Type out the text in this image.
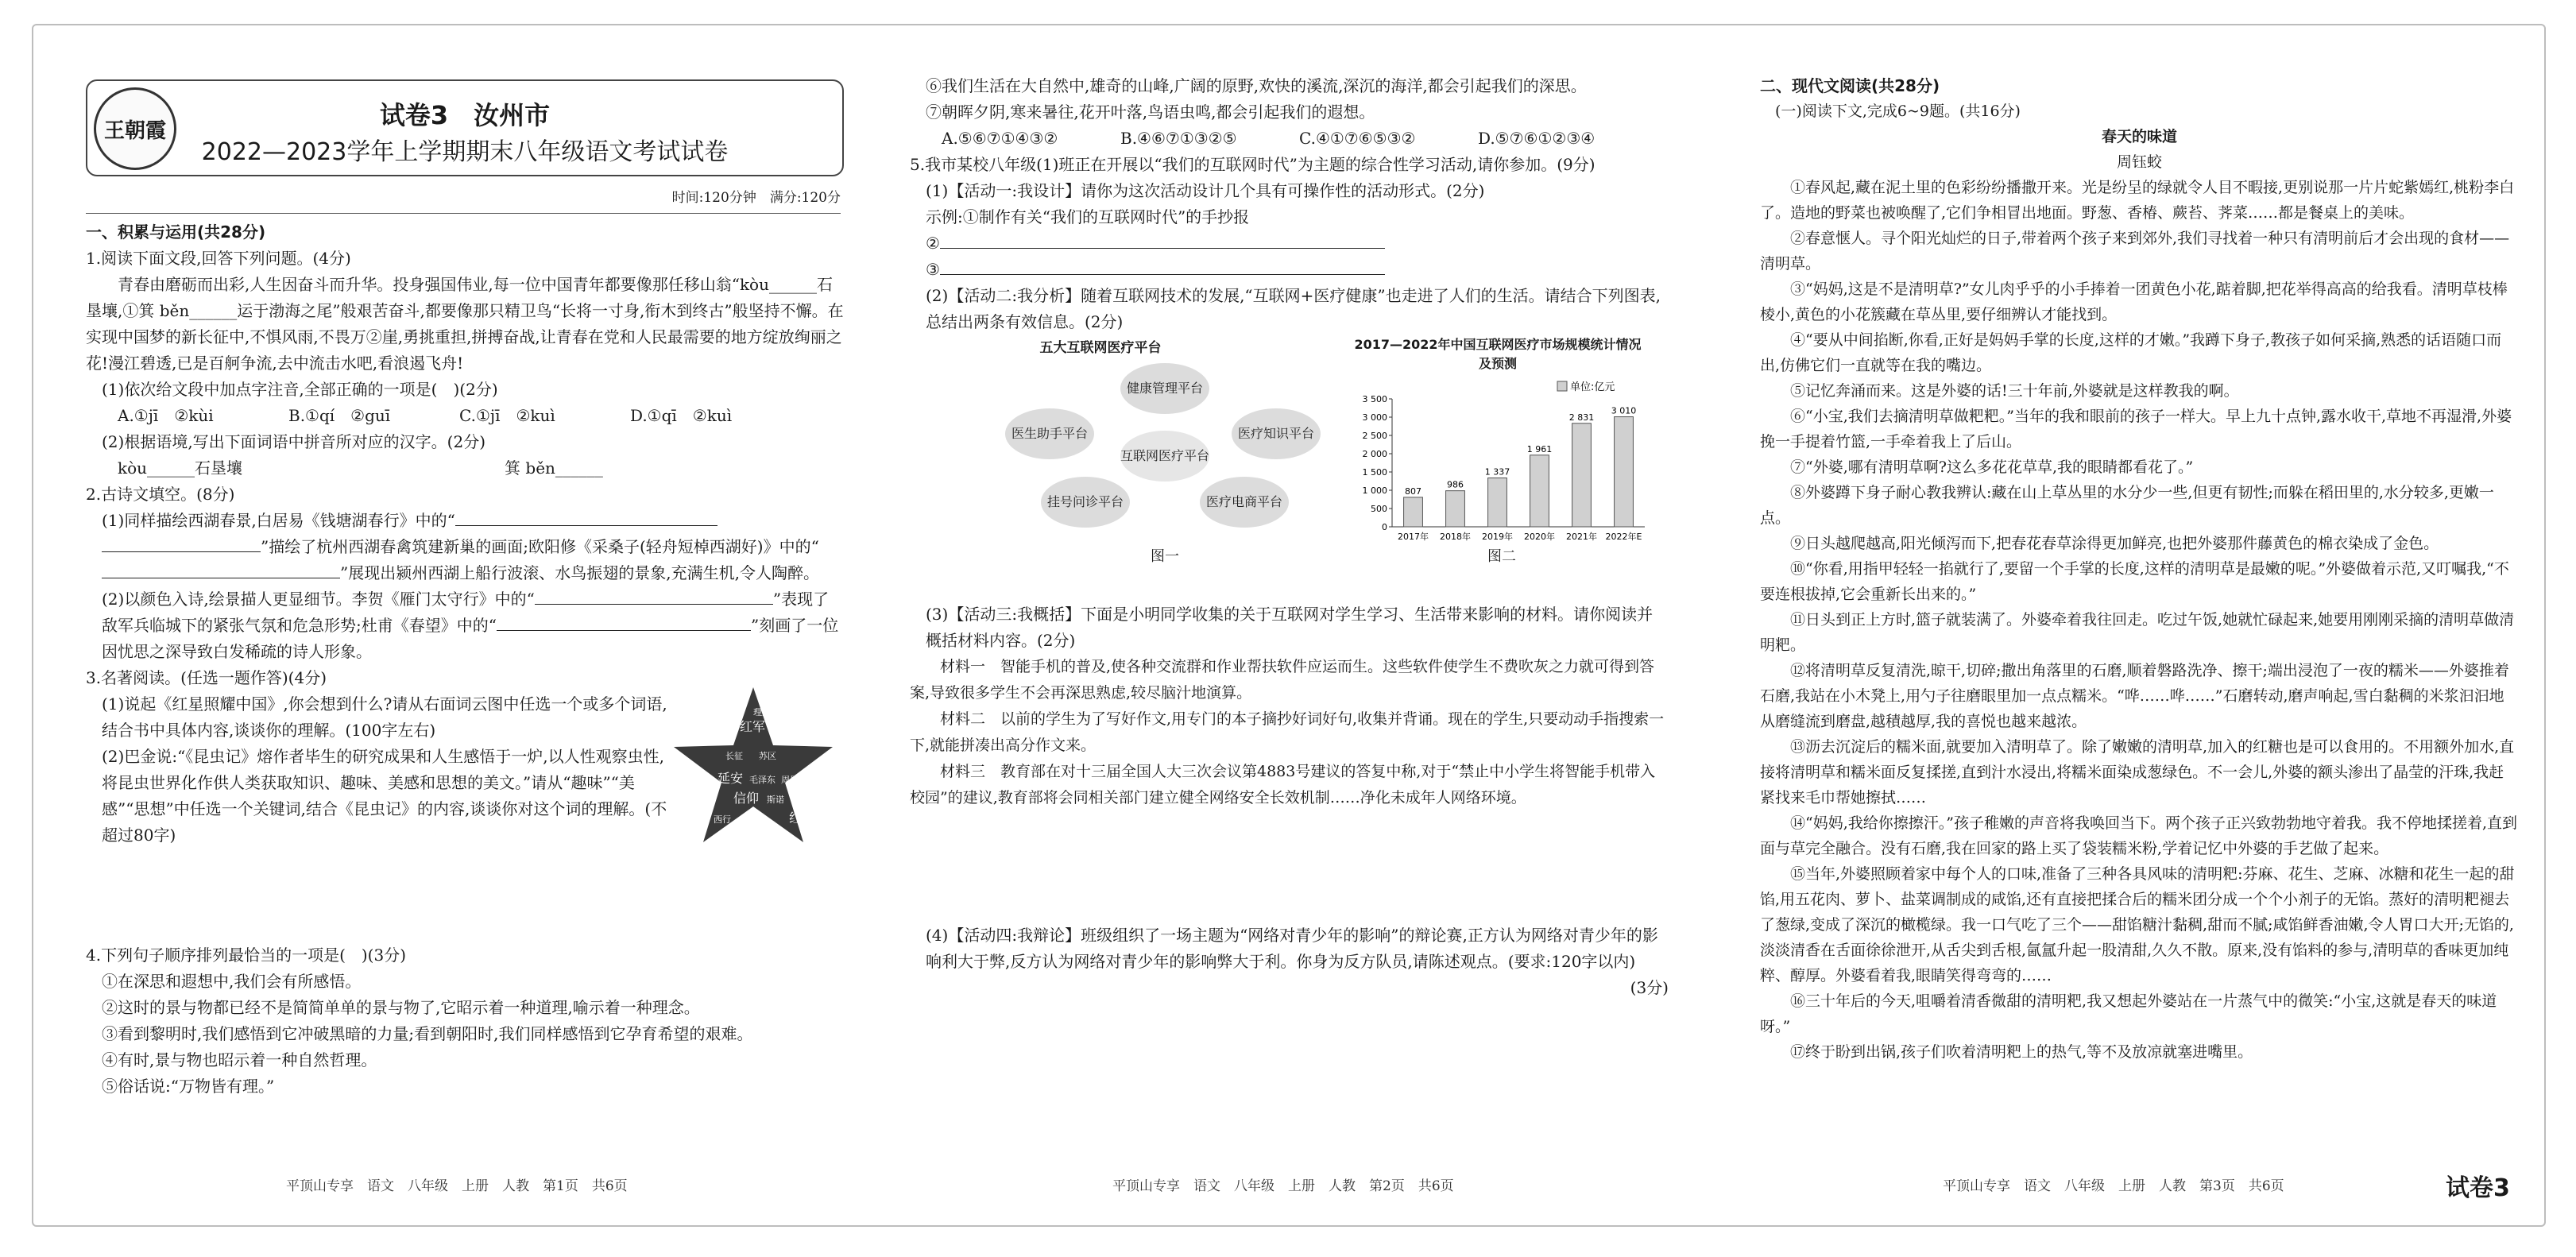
王朝霞
试卷3　 汝州市
2022—2023学年上学期期末八年级语文考试试卷
时间:120分钟　满分:120分

一、积累与运用(共28分)

1.阅读下面文段,回答下列问题。(4分)

青春由磨砺而出彩,人生因奋斗而升华。投身强国伟业,每一位中国青年都要像那任移山翁“kòu______石垦壤,①箕 běn______运于渤海之尾”般艰苦奋斗,都要像那只精卫鸟“长将一寸身,衔木到终古”般坚持不懈。在实现中国梦的新长征中,不惧风雨,不畏万②崖,勇挑重担,拼搏奋战,让青春在党和人民最需要的地方绽放绚丽之花!漫江碧透,已是百舸争流,去中流击水吧,看浪遏飞舟!

(1)依次给文段中加点字注音,全部正确的一项是(　)(2分)

A.①jī　②kùi	B.①qí　②guī	C.①jī　②kuì	D.①qī　②kuì

(2)根据语境,写出下面词语中拼音所对应的汉字。(2分)

kòu______石垦壤	箕 běn______

2.古诗文填空。(8分)

(1)同样描绘西湖春景,白居易《钱塘湖春行》中的“”描绘了杭州西湖春禽筑建新巢的画面;欧阳修《采桑子(轻舟短棹西湖好)》中的“”展现出颍州西湖上船行波滚、水鸟振翅的景象,充满生机,令人陶醉。

(2)以颜色入诗,绘景描人更显细节。李贺《雁门太守行》中的“	”表现了敌军兵临城下的紧张气氛和危急形势;杜甫《春望》中的“	”刻画了一位因忧思之深导致白发稀疏的诗人形象。

3.名著阅读。(任选一题作答)(4分)

(1)说起《红星照耀中国》,你会想到什么?请从右面词云图中任选一个或多个词语,结合书中具体内容,谈谈你的理解。(100字左右)

(2)巴金说:“《昆虫记》熔作者毕生的研究成果和人生感悟于一炉,以人性观察虫性,将昆虫世界化作供人类获取知识、趣味、美感和思想的美文。”请从“趣味”“美感”“思想”中任选一个关键词,结合《昆虫记》的内容,谈谈你对这个词的理解。(不超过80字)

红军
长征 苏区
延安 毛泽东 周恩来
信仰 斯诺
西行	红星
革命
理想

4.下列句子顺序排列最恰当的一项是(　)(3分)

①在深思和遐想中,我们会有所感悟。

②这时的景与物都已经不是简简单单的景与物了,它昭示着一种道理,喻示着一种理念。

③看到黎明时,我们感悟到它冲破黑暗的力量;看到朝阳时,我们同样感悟到它孕育希望的艰难。

④有时,景与物也昭示着一种自然哲理。

⑤俗话说:“万物皆有理。”

平顶山专享　语文　八年级　上册　人教　第1页　共6页

⑥我们生活在大自然中,雄奇的山峰,广阔的原野,欢快的溪流,深沉的海洋,都会引起我们的深思。

⑦朝晖夕阴,寒来暑往,花开叶落,鸟语虫鸣,都会引起我们的遐想。

A.⑤⑥⑦①④③②	B.④⑥⑦①③②⑤	C.④①⑦⑥⑤③②	D.⑤⑦⑥①②③④

5.我市某校八年级(1)班正在开展以“我们的互联网时代”为主题的综合性学习活动,请你参加。(9分)

(1)【活动一:我设计】请你为这次活动设计几个具有可操作性的活动形式。(2分)

示例:①制作有关“我们的互联网时代”的手抄报

②

③

(2)【活动二:我分析】随着互联网技术的发展,“互联网+医疗健康”也走进了人们的生活。请结合下列图表,总结出两条有效信息。(2分)

五大互联网医疗平台
健康管理平台
医生助手平台
互联网医疗平台
医疗知识平台
挂号问诊平台	医疗电商平台
图一
2017—2022年中国互联网医疗市场规模统计情况及预测
单位:亿元
0
500
1 000
1 500
2 000
2 500
3 000
3 500
807
2017年
986
2018年
1 337
2019年
1 961
2020年
2 831
2021年
3 010
2022年E
图二

(3)【活动三:我概括】下面是小明同学收集的关于互联网对学生学习、生活带来影响的材料。请你阅读并概括材料内容。(2分)

材料一　智能手机的普及,使各种交流群和作业帮扶软件应运而生。这些软件使学生不费吹灰之力就可得到答案,导致很多学生不会再深思熟虑,较尽脑汁地演算。

材料二　以前的学生为了写好作文,用专门的本子摘抄好词好句,收集并背诵。现在的学生,只要动动手指搜索一下,就能拼凑出高分作文来。

材料三　教育部在对十三届全国人大三次会议第4883号建议的答复中称,对于“禁止中小学生将智能手机带入校园”的建议,教育部将会同相关部门建立健全网络安全长效机制……净化未成年人网络环境。

(4)【活动四:我辩论】班级组织了一场主题为“网络对青少年的影响”的辩论赛,正方认为网络对青少年的影响利大于弊,反方认为网络对青少年的影响弊大于利。你身为反方队员,请陈述观点。(要求:120字以内)

(3分)

平顶山专享　语文　八年级　上册　人教　第2页　共6页

二、现代文阅读(共28分)

(一)阅读下文,完成6~9题。(共16分)

春天的味道

周钰蛟

①春风起,藏在泥土里的色彩纷纷播撒开来。光是纷呈的绿就令人目不暇接,更别说那一片片蛇紫嫣红,桃粉李白了。造地的野菜也被唤醒了,它们争相冒出地面。野葱、香椿、蕨苔、荠菜……都是餐桌上的美味。

②春意惬人。寻个阳光灿烂的日子,带着两个孩子来到郊外,我们寻找着一种只有清明前后才会出现的食材——清明草。

③“妈妈,这是不是清明草?”女儿肉乎乎的小手捧着一团黄色小花,踮着脚,把花举得高高的给我看。清明草枝棒棱小,黄色的小花簇藏在草丛里,要仔细辨认才能找到。

④“要从中间掐断,你看,正好是妈妈手掌的长度,这样的才嫩。”我蹲下身子,教孩子如何采摘,熟悉的话语随口而出,仿佛它们一直就等在我的嘴边。

⑤记忆奔涌而来。这是外婆的话!三十年前,外婆就是这样教我的啊。

⑥“小宝,我们去摘清明草做粑粑。”当年的我和眼前的孩子一样大。早上九十点钟,露水收干,草地不再湿滑,外婆挽一手提着竹篮,一手牵着我上了后山。

⑦“外婆,哪有清明草啊?这么多花花草草,我的眼睛都看花了。”

⑧外婆蹲下身子耐心教我辨认:藏在山上草丛里的水分少一些,但更有韧性;而躲在稻田里的,水分较多,更嫩一点。

⑨日头越爬越高,阳光倾泻而下,把春花春草涂得更加鲜亮,也把外婆那件藤黄色的棉衣染成了金色。

⑩“你看,用指甲轻轻一掐就行了,要留一个手掌的长度,这样的清明草是最嫩的呢。”外婆做着示范,又叮嘱我,“不要连根拔掉,它会重新长出来的。”

⑪日头到正上方时,篮子就装满了。外婆牵着我往回走。吃过午饭,她就忙碌起来,她要用刚刚采摘的清明草做清明粑。

⑫将清明草反复清洗,晾干,切碎;撒出角落里的石磨,顺着磐路洗净、擦干;端出浸泡了一夜的糯米——外婆推着石磨,我站在小木凳上,用勺子往磨眼里加一点点糯米。“哗……哗……”石磨转动,磨声响起,雪白黏稠的米浆汩汩地从磨缝流到磨盘,越積越厚,我的喜悦也越来越浓。

⑬沥去沉淀后的糯米面,就要加入清明草了。除了嫩嫩的清明草,加入的红糖也是可以食用的。不用额外加水,直接将清明草和糯米面反复揉搓,直到汁水浸出,将糯米面染成葱绿色。不一会儿,外婆的额头渗出了晶莹的汗珠,我赶紧找来毛巾帮她擦拭……

⑭“妈妈,我给你擦擦汗。”孩子稚嫩的声音将我唤回当下。两个孩子正兴致勃勃地守着我。我不停地揉搓着,直到面与草完全融合。没有石磨,我在回家的路上买了袋装糯米粉,学着记忆中外婆的手艺做了起来。

⑮当年,外婆照顾着家中每个人的口味,准备了三种各具风味的清明粑:芬麻、花生、芝麻、冰糖和花生一起的甜馅,用五花肉、萝卜、盐菜调制成的咸馅,还有直接把揉合后的糯米团分成一个个小剂子的无馅。蒸好的清明粑褪去了葱绿,变成了深沉的橄榄绿。我一口气吃了三个——甜馅糖汁黏稠,甜而不腻;咸馅鲜香油嫩,令人胃口大开;无馅的,淡淡清香在舌面徐徐泄开,从舌尖到舌根,氤氲升起一股清甜,久久不散。原来,没有馅料的参与,清明草的香味更加纯粹、醇厚。外婆看着我,眼睛笑得弯弯的……

⑯三十年后的今天,咀嚼着清香微甜的清明粑,我又想起外婆站在一片蒸气中的微笑:“小宝,这就是春天的味道呀。”

⑰终于盼到出锅,孩子们吹着清明粑上的热气,等不及放凉就塞进嘴里。

平顶山专享　语文　八年级　上册　人教　第3页　共6页	试卷3
